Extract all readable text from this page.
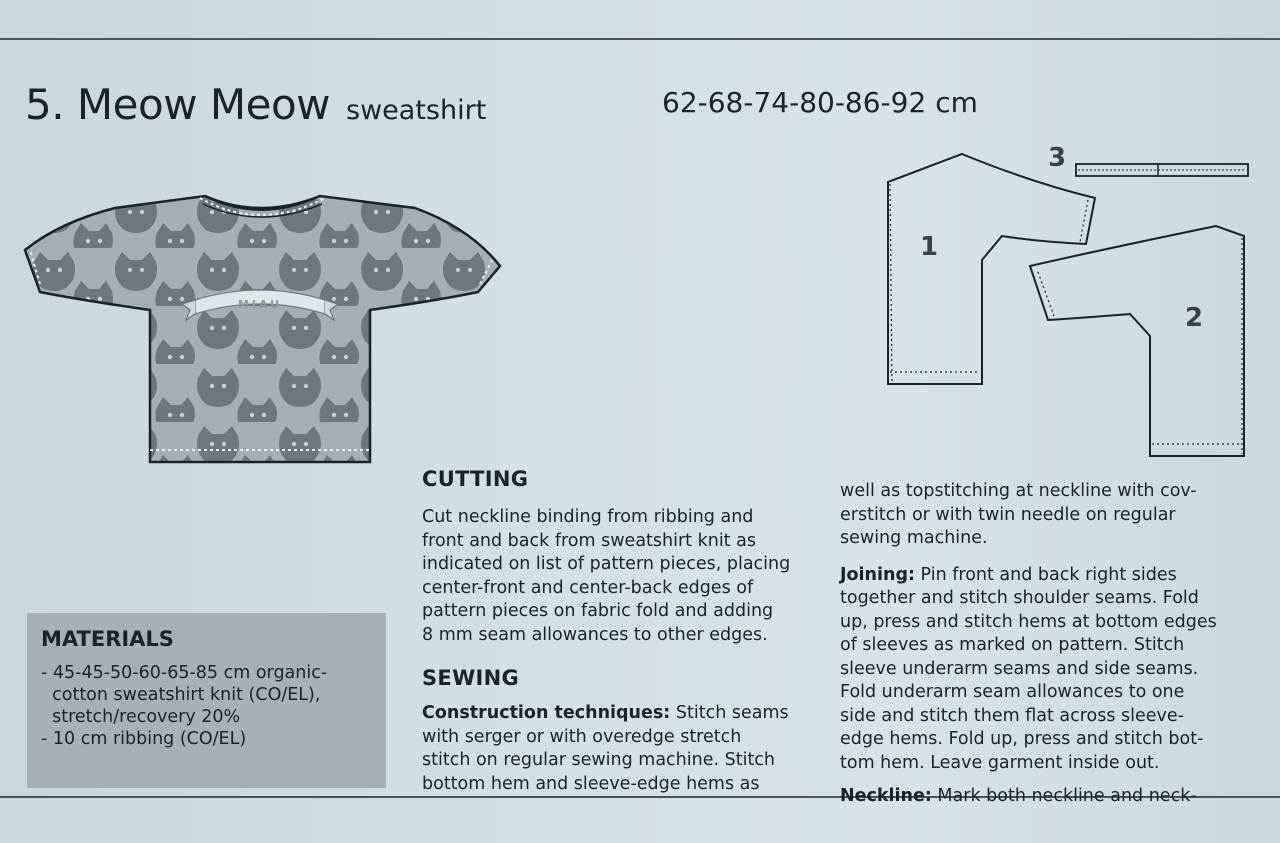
5. Meow Meow sweatshirt	62-68-74-80-86-92 cm
MIAU
1
2
3
MATERIALS
- 45-45-50-60-65-85 cm organic-
cotton sweatshirt knit (CO/EL),
stretch/recovery 20%
- 10 cm ribbing (CO/EL)
CUTTING
Cut neckline binding from ribbing and
front and back from sweatshirt knit as
indicated on list of pattern pieces, placing
center-front and center-back edges of
pattern pieces on fabric fold and adding
8 mm seam allowances to other edges.
SEWING
Construction techniques: Stitch seams
with serger or with overedge stretch
stitch on regular sewing machine. Stitch
bottom hem and sleeve-edge hems as
well as topstitching at neckline with cov-
erstitch or with twin needle on regular
sewing machine.
Joining: Pin front and back right sides
together and stitch shoulder seams. Fold
up, press and stitch hems at bottom edges
of sleeves as marked on pattern. Stitch
sleeve underarm seams and side seams.
Fold underarm seam allowances to one
side and stitch them flat across sleeve-
edge hems. Fold up, press and stitch bot-
tom hem. Leave garment inside out.
Neckline: Mark both neckline and neck-
